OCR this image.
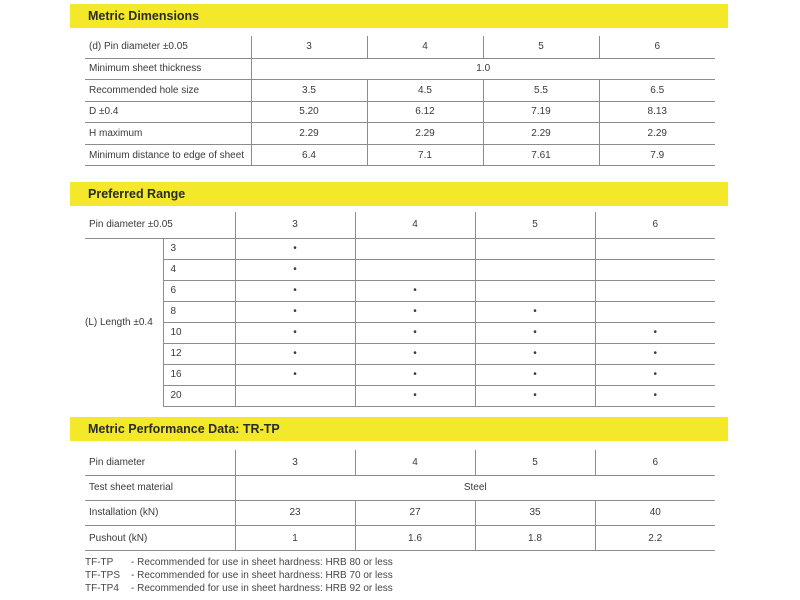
Metric Dimensions
(d) Pin diameter ±0.05	3	4	5	6
Minimum sheet thickness	1.0			
Recommended hole size	3.5	4.5	5.5	6.5
D ±0.4	5.20	6.12	7.19	8.13
H maximum	2.29	2.29	2.29	2.29
Minimum distance to edge of sheet	6.4	7.1	7.61	7.9
Preferred Range
Pin diameter ±0.05		3	4	5	6
(L) Length ±0.4	3	•			
	4	•			
	6	•	•		
	8	•	•	•	
	10	•	•	•	•
	12	•	•	•	•
	16	•	•	•	•
	20		•	•	•
Metric Performance Data: TR-TP
Pin diameter	3	4	5	6
Test sheet material	Steel			
Installation (kN)	23	27	35	40
Pushout (kN)	1	1.6	1.8	2.2
TF-TP - Recommended for use in sheet hardness: HRB 80 or less
TF-TPS - Recommended for use in sheet hardness: HRB 70 or less
TF-TP4 - Recommended for use in sheet hardness: HRB 92 or less
